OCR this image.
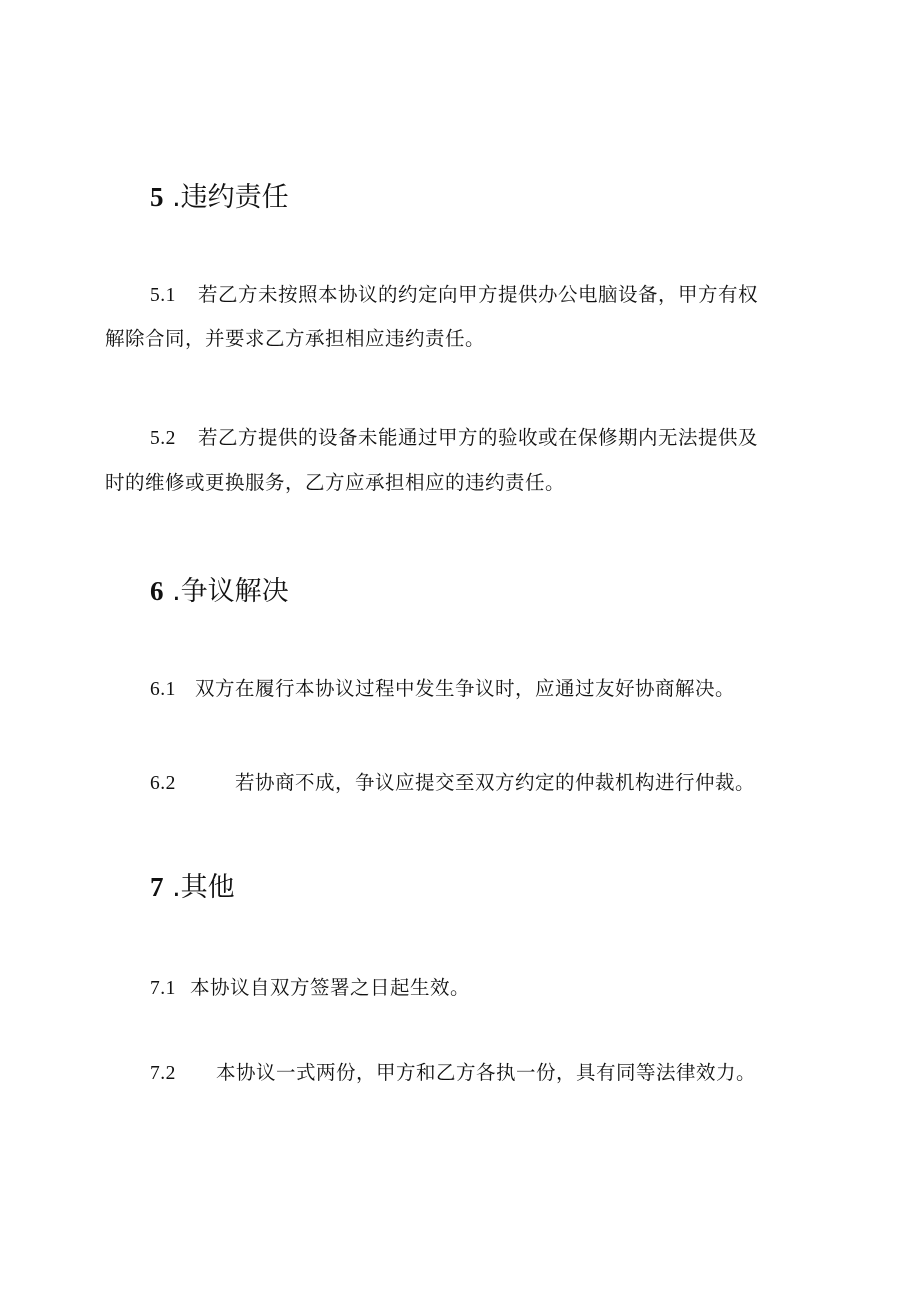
5 .违约责任
5.1 若乙方未按照本协议的约定向甲方提供办公电脑设备，甲方有权
解除合同，并要求乙方承担相应违约责任。
5.2 若乙方提供的设备未能通过甲方的验收或在保修期内无法提供及
时的维修或更换服务，乙方应承担相应的违约责任。
6 .争议解决
6.1 双方在履行本协议过程中发生争议时，应通过友好协商解决。
6.2	若协商不成，争议应提交至双方约定的仲裁机构进行仲裁。
7 .其他
7.1 本协议自双方签署之日起生效。
7.2 本协议一式两份，甲方和乙方各执一份，具有同等法律效力。
